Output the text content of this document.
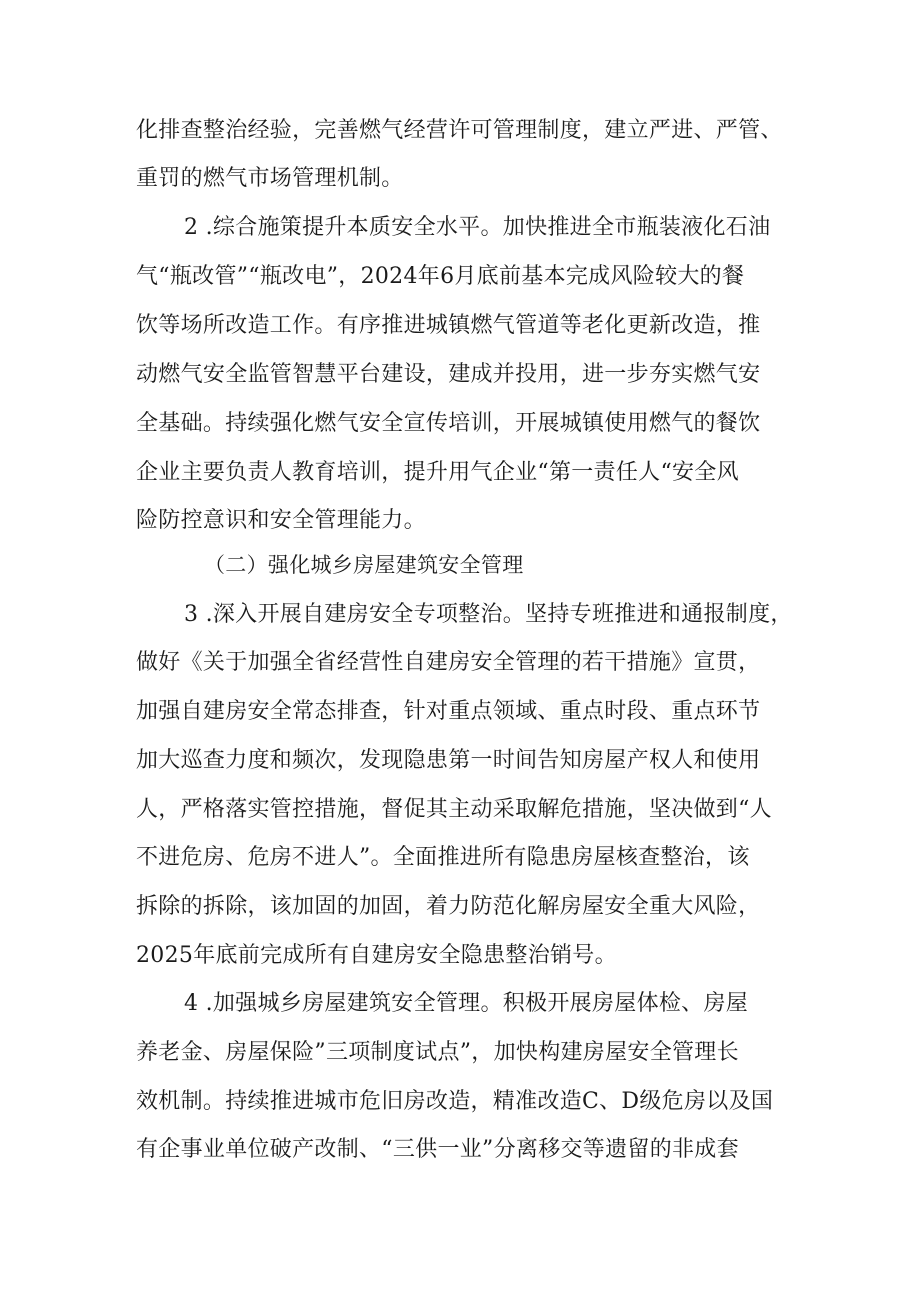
化排查整治经验，完善燃气经营许可管理制度，建立严进、严管、

重罚的燃气市场管理机制。

2 .综合施策提升本质安全水平。加快推进全市瓶装液化石油

气“瓶改管”“瓶改电”，2024年6月底前基本完成风险较大的餐

饮等场所改造工作。有序推进城镇燃气管道等老化更新改造，推

动燃气安全监管智慧平台建设，建成并投用，进一步夯实燃气安

全基础。持续强化燃气安全宣传培训，开展城镇使用燃气的餐饮

企业主要负责人教育培训，提升用气企业“第一责任人“安全风

险防控意识和安全管理能力。

（二）强化城乡房屋建筑安全管理

3 .深入开展自建房安全专项整治。坚持专班推进和通报制度，

做好《关于加强全省经营性自建房安全管理的若干措施》宣贯，

加强自建房安全常态排查，针对重点领域、重点时段、重点环节

加大巡查力度和频次，发现隐患第一时间告知房屋产权人和使用

人，严格落实管控措施，督促其主动采取解危措施，坚决做到“人

不进危房、危房不进人”。全面推进所有隐患房屋核查整治，该

拆除的拆除，该加固的加固，着力防范化解房屋安全重大风险，

2025年底前完成所有自建房安全隐患整治销号。

4 .加强城乡房屋建筑安全管理。积极开展房屋体检、房屋

养老金、房屋保险”三项制度试点”，加快构建房屋安全管理长

效机制。持续推进城市危旧房改造，精准改造C、D级危房以及国

有企事业单位破产改制、“三供一业”分离移交等遗留的非成套
